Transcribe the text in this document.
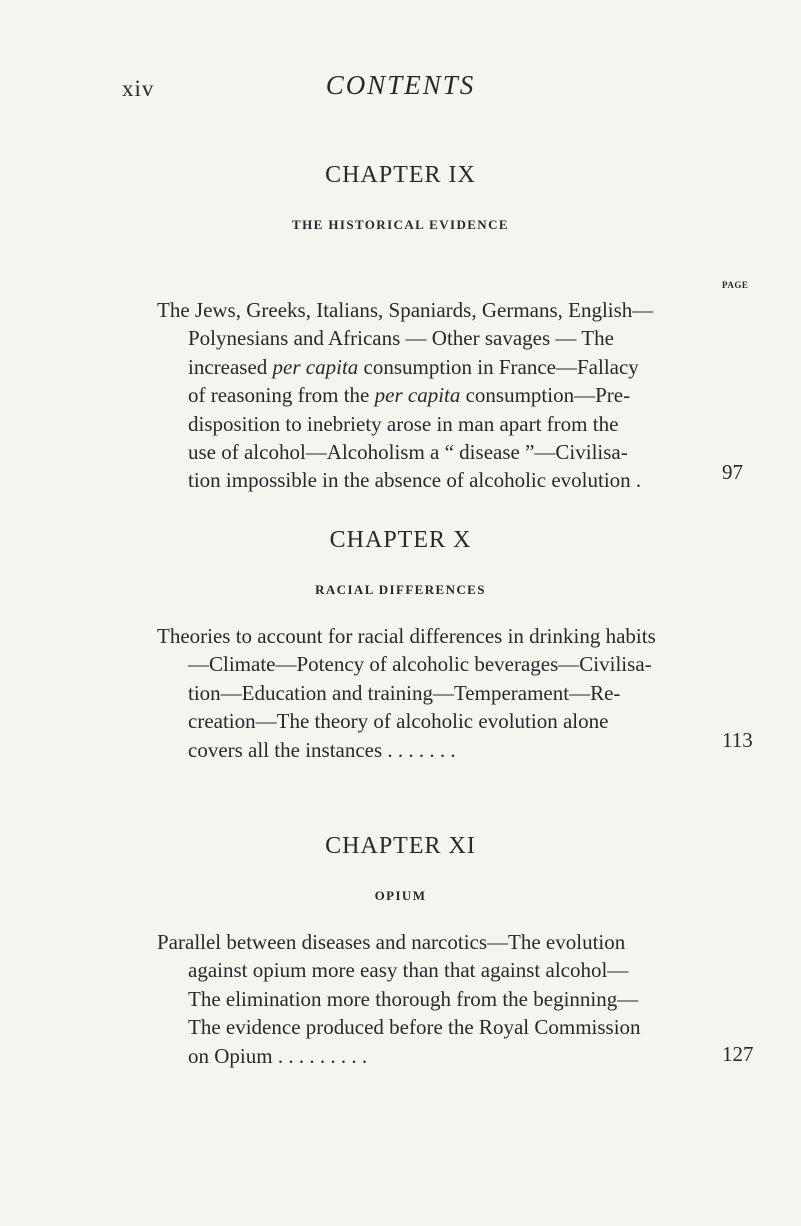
xiv	CONTENTS
CHAPTER IX
THE HISTORICAL EVIDENCE
PAGE
The Jews, Greeks, Italians, Spaniards, Germans, English—
Polynesians and Africans — Other savages — The
increased per capita consumption in France—Fallacy
of reasoning from the per capita consumption—Pre-
disposition to inebriety arose in man apart from the
use of alcohol—Alcoholism a “ disease ”—Civilisa-
tion impossible in the absence of alcoholic evolution .	97
CHAPTER X
RACIAL DIFFERENCES
Theories to account for racial differences in drinking habits
—Climate—Potency of alcoholic beverages—Civilisa-
tion—Education and training—Temperament—Re-
creation—The theory of alcoholic evolution alone
covers all the instances . . . . . . .	113
CHAPTER XI
OPIUM
Parallel between diseases and narcotics—The evolution
against opium more easy than that against alcohol—
The elimination more thorough from the beginning—
The evidence produced before the Royal Commission
on Opium . . . . . . . . .	127
